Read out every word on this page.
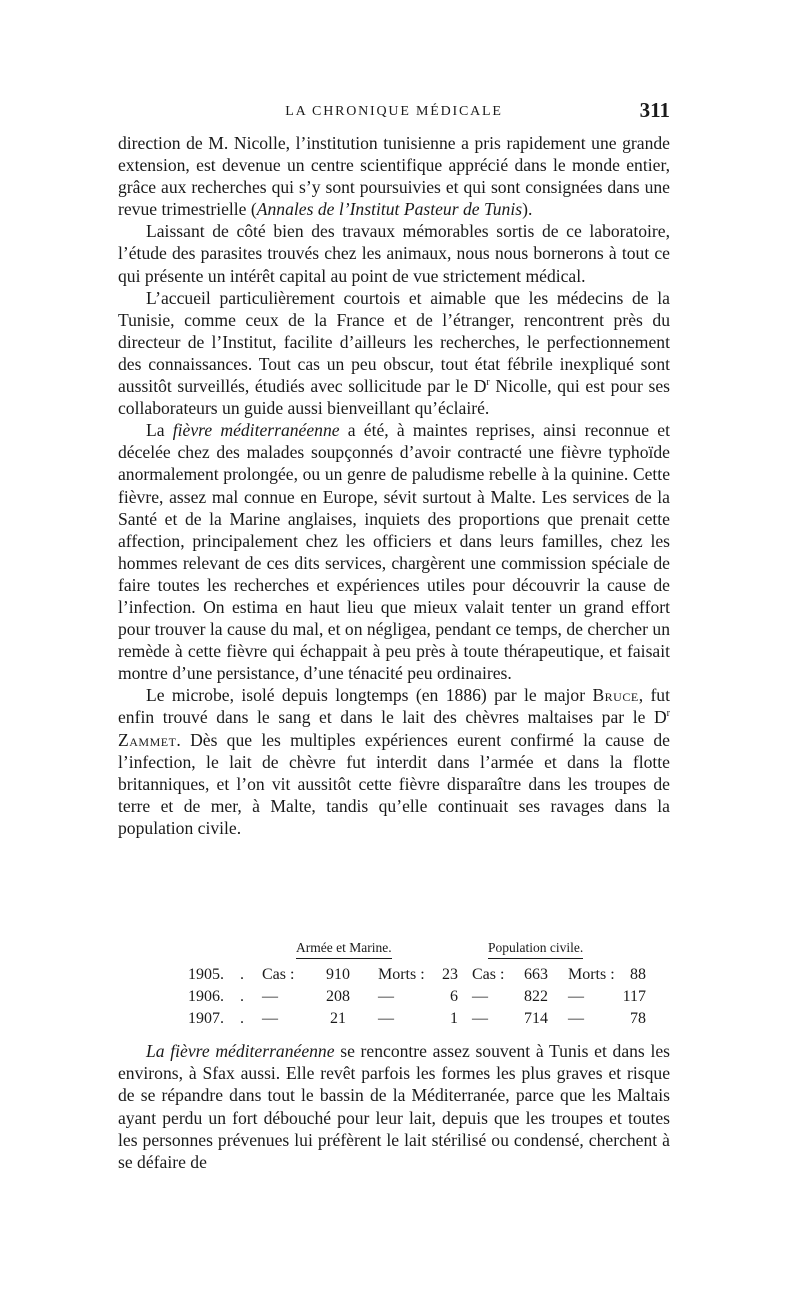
LA CHRONIQUE MÉDICALE	311

direction de M. Nicolle, l’institution tunisienne a pris rapidement une grande extension, est devenue un centre scientifique apprécié dans le monde entier, grâce aux recherches qui s’y sont poursuivies et qui sont consignées dans une revue trimestrielle (Annales de l’Institut Pasteur de Tunis).

Laissant de côté bien des travaux mémorables sortis de ce laboratoire, l’étude des parasites trouvés chez les animaux, nous nous bornerons à tout ce qui présente un intérêt capital au point de vue strictement médical.

L’accueil particulièrement courtois et aimable que les médecins de la Tunisie, comme ceux de la France et de l’étranger, rencontrent près du directeur de l’Institut, facilite d’ailleurs les recherches, le perfectionnement des connaissances. Tout cas un peu obscur, tout état fébrile inexpliqué sont aussitôt surveillés, étudiés avec sollicitude par le $D^r$ Nicolle, qui est pour ses collaborateurs un guide aussi bienveillant qu’éclairé.

La fièvre méditerranéenne a été, à maintes reprises, ainsi reconnue et décelée chez des malades soupçonnés d’avoir contracté une fièvre typhoïde anormalement prolongée, ou un genre de paludisme rebelle à la quinine. Cette fièvre, assez mal connue en Europe, sévit surtout à Malte. Les services de la Santé et de la Marine anglaises, inquiets des proportions que prenait cette affection, principalement chez les officiers et dans leurs familles, chez les hommes relevant de ces dits services, chargèrent une commission spéciale de faire toutes les recherches et expériences utiles pour découvrir la cause de l’infection. On estima en haut lieu que mieux valait tenter un grand effort pour trouver la cause du mal, et on négligea, pendant ce temps, de chercher un remède à cette fièvre qui échappait à peu près à toute thérapeutique, et faisait montre d’une persistance, d’une ténacité peu ordinaires.

Le microbe, isolé depuis longtemps (en 1886) par le major Bruce, fut enfin trouvé dans le sang et dans le lait des chèvres maltaises par le $D^r$ Zammet. Dès que les multiples expériences eurent confirmé la cause de l’infection, le lait de chèvre fut interdit dans l’armée et dans la flotte britanniques, et l’on vit aussitôt cette fièvre disparaître dans les troupes de terre et de mer, à Malte, tandis qu’elle continuait ses ravages dans la population civile.

Armée et Marine.	Population civile.
1905. . Cas :	910	Morts :	23 Cas :	663	Morts : 88
1906. . —	208	—	6 —	822	—	117
1907. . —	21	—	1 —	714	—	78

La fièvre méditerranéenne se rencontre assez souvent à Tunis et dans les environs, à Sfax aussi. Elle revêt parfois les formes les plus graves et risque de se répandre dans tout le bassin de la Méditerranée, parce que les Maltais ayant perdu un fort débouché pour leur lait, depuis que les troupes et toutes les personnes prévenues lui préfèrent le lait stérilisé ou condensé, cherchent à se défaire de
